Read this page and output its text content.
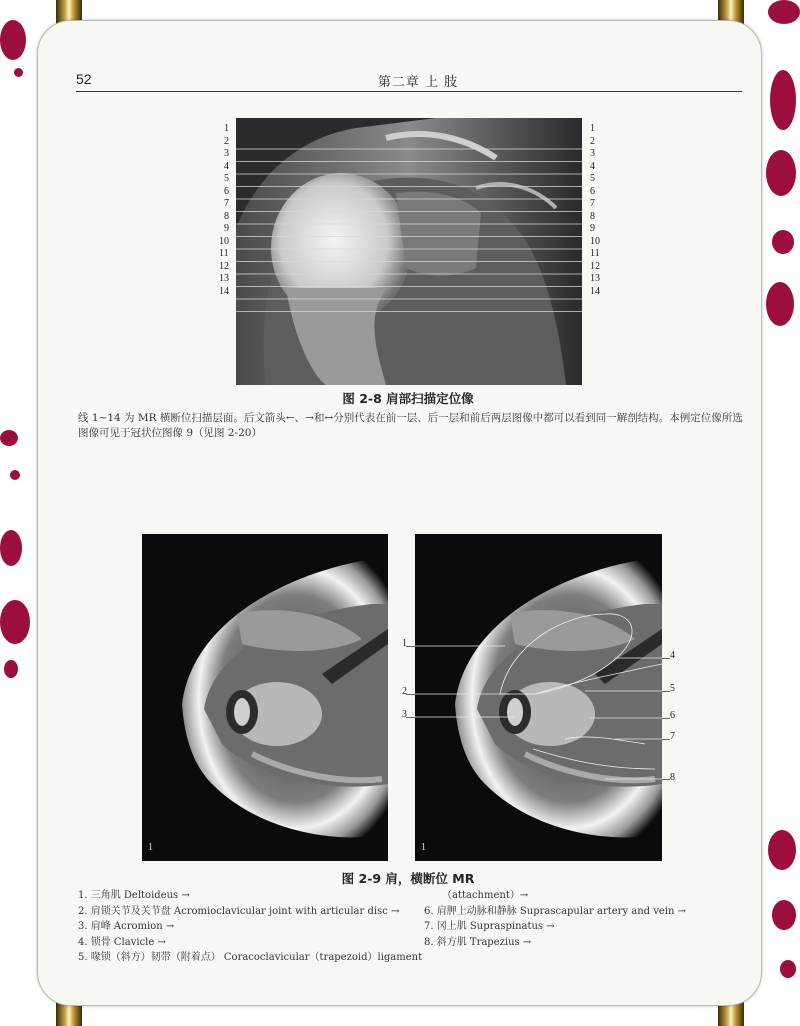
52	第二章 上 肢
1
2
3
4
5
6
7
8
9
10
11
12
13
14
1
2
3
4
5
6
7
8
9
10
11
12
13
14
图 2-8 肩部扫描定位像
线 1~14 为 MR 横断位扫描层面。后文箭头←、→和↔分别代表在前一层、后一层和前后两层图像中都可以看到同一解剖结构。本例定位像所选图像可见于冠状位图像 9（见图 2-20）
1	1
1
2
3
4
5
6
7
8
图 2-9 肩，横断位 MR
1. 三角肌 Deltoideus →
2. 肩锁关节及关节盘 Acromioclavicular joint with articular disc →
3. 肩峰 Acromion →
4. 锁骨 Clavicle →
5. 喙锁（斜方）韧带（附着点） Coracoclavicular（trapezoid）ligament
（attachment）→
6. 肩胛上动脉和静脉 Suprascapular artery and vein →
7. 冈上肌 Supraspinatus →
8. 斜方肌 Trapezius →
